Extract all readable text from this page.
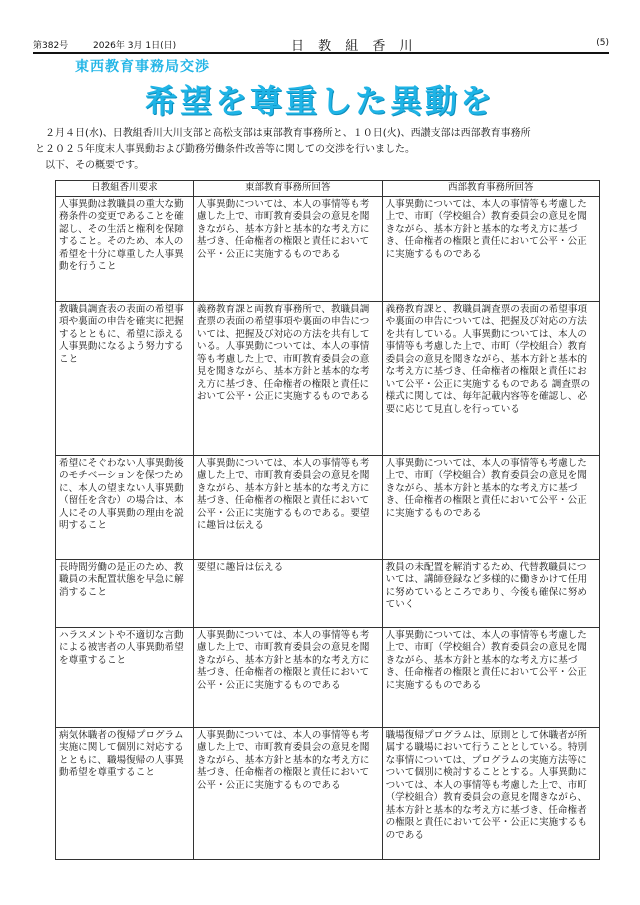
第382号	2026年 3月 1日(日)	日 教 組 香 川	(5)
東西教育事務局交渉
希望を尊重した異動を

２月４日(水)、日教組香川大川支部と高松支部は東部教育事務所と、１０日(火)、西讃支部は西部教育事務所

と２０２５年度末人事異動および勤務労働条件改善等に関しての交渉を行いました。

以下、その概要です。

日教組香川要求	東部教育事務所回答	西部教育事務所回答
人事異動は教職員の重大な勤務条件の変更であることを確認し、その生活と権利を保障すること。そのため、本人の希望を十分に尊重した人事異動を行うこと	人事異動については、本人の事情等も考慮した上で、市町教育委員会の意見を聞きながら、基本方針と基本的な考え方に基づき、任命権者の権限と責任において公平・公正に実施するものである	人事異動については、本人の事情等も考慮した上で、市町（学校組合）教育委員会の意見を聞きながら、基本方針と基本的な考え方に基づき、任命権者の権限と責任において公平・公正に実施するものである
教職員調査表の表面の希望事項や裏面の申告を確実に把握するとともに、希望に添える人事異動になるよう努力すること	義務教育課と両教育事務所で、教職員調査票の表面の希望事項や裏面の申告については、把握及び対応の方法を共有している。人事異動については、本人の事情等も考慮した上で、市町教育委員会の意見を聞きながら、基本方針と基本的な考え方に基づき、任命権者の権限と責任において公平・公正に実施するものである	義務教育課と、教職員調査票の表面の希望事項や裏面の申告については、把握及び対応の方法を共有している。人事異動については、本人の事情等も考慮した上で、市町（学校組合）教育委員会の意見を聞きながら、基本方針と基本的な考え方に基づき、任命権者の権限と責任において公平・公正に実施するものである 調査票の様式に関しては、毎年記載内容等を確認し、必要に応じて見直しを行っている
希望にそぐわない人事異動後のモチベーションを保つために、本人の望まない人事異動（留任を含む）の場合は、本人にその人事異動の理由を説明すること	人事異動については、本人の事情等も考慮した上で、市町教育委員会の意見を聞きながら、基本方針と基本的な考え方に基づき、任命権者の権限と責任において公平・公正に実施するものである。要望に趣旨は伝える	人事異動については、本人の事情等も考慮した上で、市町（学校組合）教育委員会の意見を聞きながら、基本方針と基本的な考え方に基づき、任命権者の権限と責任において公平・公正に実施するものである
長時間労働の是正のため、教職員の未配置状態を早急に解消すること	要望に趣旨は伝える	教員の未配置を解消するため、代替教職員については、講師登録など多様的に働きかけて任用に努めているところであり、今後も確保に努めていく
ハラスメントや不適切な言動による被害者の人事異動希望を尊重すること	人事異動については、本人の事情等も考慮した上で、市町教育委員会の意見を聞きながら、基本方針と基本的な考え方に基づき、任命権者の権限と責任において公平・公正に実施するものである	人事異動については、本人の事情等も考慮した上で、市町（学校組合）教育委員会の意見を聞きながら、基本方針と基本的な考え方に基づき、任命権者の権限と責任において公平・公正に実施するものである
病気休職者の復帰プログラム実施に関して個別に対応するとともに、職場復帰の人事異動希望を尊重すること	人事異動については、本人の事情等も考慮した上で、市町教育委員会の意見を聞きながら、基本方針と基本的な考え方に基づき、任命権者の権限と責任において公平・公正に実施するものである	職場復帰プログラムは、原則として休職者が所属する職場において行うこととしている。特別な事情については、プログラムの実施方法等について個別に検討することとする。人事異動については、本人の事情等も考慮した上で、市町（学校組合）教育委員会の意見を聞きながら、基本方針と基本的な考え方に基づき、任命権者の権限と責任において公平・公正に実施するものである
